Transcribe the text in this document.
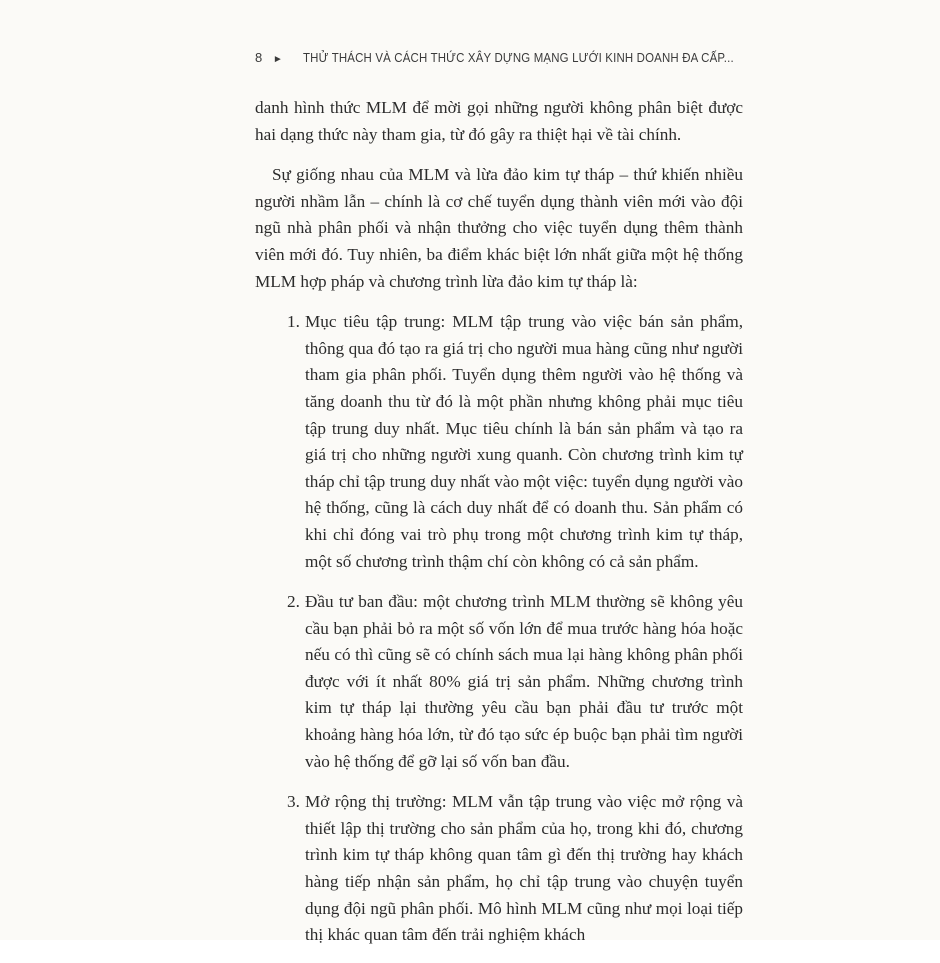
8 ► THỬ THÁCH VÀ CÁCH THỨC XÂY DỰNG MẠNG LƯỚI KINH DOANH ĐA CẤP...

danh hình thức MLM để mời gọi những người không phân biệt được hai dạng thức này tham gia, từ đó gây ra thiệt hại về tài chính.

Sự giống nhau của MLM và lừa đảo kim tự tháp – thứ khiến nhiều người nhầm lẫn – chính là cơ chế tuyển dụng thành viên mới vào đội ngũ nhà phân phối và nhận thưởng cho việc tuyển dụng thêm thành viên mới đó. Tuy nhiên, ba điểm khác biệt lớn nhất giữa một hệ thống MLM hợp pháp và chương trình lừa đảo kim tự tháp là:

1. Mục tiêu tập trung: MLM tập trung vào việc bán sản phẩm, thông qua đó tạo ra giá trị cho người mua hàng cũng như người tham gia phân phối. Tuyển dụng thêm người vào hệ thống và tăng doanh thu từ đó là một phần nhưng không phải mục tiêu tập trung duy nhất. Mục tiêu chính là bán sản phẩm và tạo ra giá trị cho những người xung quanh. Còn chương trình kim tự tháp chỉ tập trung duy nhất vào một việc: tuyển dụng người vào hệ thống, cũng là cách duy nhất để có doanh thu. Sản phẩm có khi chỉ đóng vai trò phụ trong một chương trình kim tự tháp, một số chương trình thậm chí còn không có cả sản phẩm.
2. Đầu tư ban đầu: một chương trình MLM thường sẽ không yêu cầu bạn phải bỏ ra một số vốn lớn để mua trước hàng hóa hoặc nếu có thì cũng sẽ có chính sách mua lại hàng không phân phối được với ít nhất 80% giá trị sản phẩm. Những chương trình kim tự tháp lại thường yêu cầu bạn phải đầu tư trước một khoảng hàng hóa lớn, từ đó tạo sức ép buộc bạn phải tìm người vào hệ thống để gỡ lại số vốn ban đầu.
3. Mở rộng thị trường: MLM vẫn tập trung vào việc mở rộng và thiết lập thị trường cho sản phẩm của họ, trong khi đó, chương trình kim tự tháp không quan tâm gì đến thị trường hay khách hàng tiếp nhận sản phẩm, họ chỉ tập trung vào chuyện tuyển dụng đội ngũ phân phối. Mô hình MLM cũng như mọi loại tiếp thị khác quan tâm đến trải nghiệm khách
